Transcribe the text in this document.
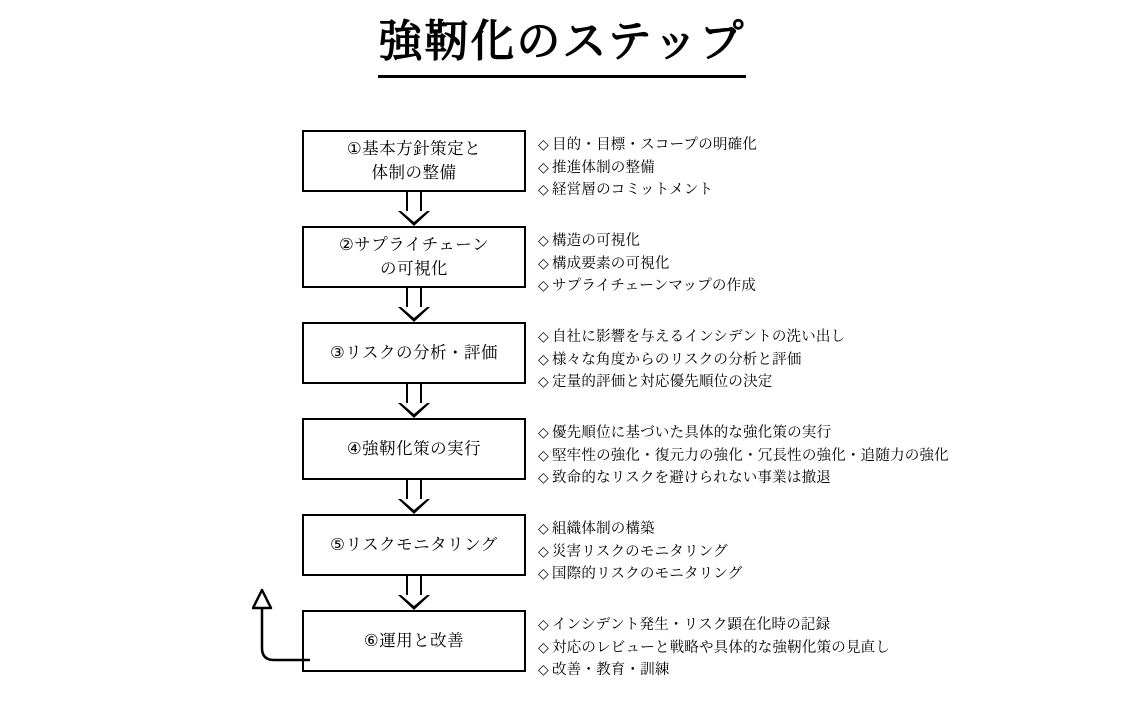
強靭化のステップ
①基本方針策定と
体制の整備
◇ 目的・目標・スコープの明確化
◇ 推進体制の整備
◇ 経営層のコミットメント
②サプライチェーン
の可視化
◇ 構造の可視化
◇ 構成要素の可視化
◇ サプライチェーンマップの作成
③リスクの分析・評価
◇ 自社に影響を与えるインシデントの洗い出し
◇ 様々な角度からのリスクの分析と評価
◇ 定量的評価と対応優先順位の決定
④強靭化策の実行
◇ 優先順位に基づいた具体的な強化策の実行
◇ 堅牢性の強化・復元力の強化・冗長性の強化・追随力の強化
◇ 致命的なリスクを避けられない事業は撤退
⑤リスクモニタリング
◇ 組織体制の構築
◇ 災害リスクのモニタリング
◇ 国際的リスクのモニタリング
⑥運用と改善
◇ インシデント発生・リスク顕在化時の記録
◇ 対応のレビューと戦略や具体的な強靭化策の見直し
◇ 改善・教育・訓練
